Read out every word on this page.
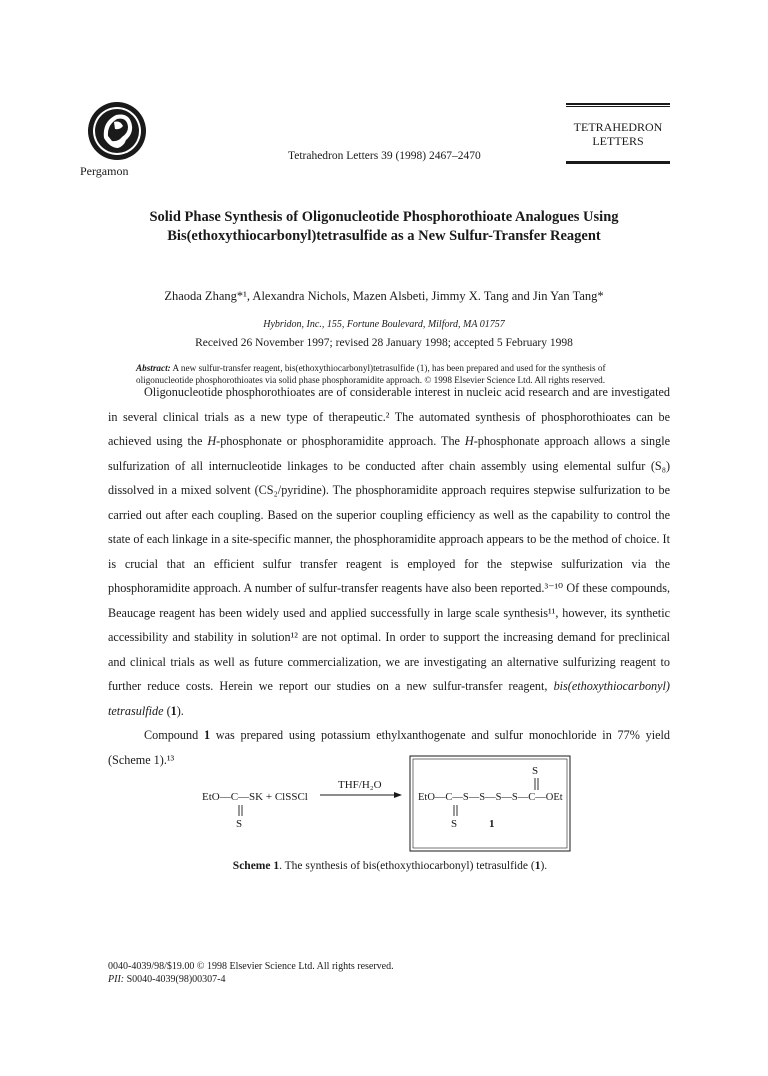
Pergamon
Tetrahedron Letters 39 (1998) 2467–2470
TETRAHEDRON
LETTERS
Solid Phase Synthesis of Oligonucleotide Phosphorothioate Analogues Using
Bis(ethoxythiocarbonyl)tetrasulfide as a New Sulfur-Transfer Reagent
Zhaoda Zhang*¹, Alexandra Nichols, Mazen Alsbeti, Jimmy X. Tang and Jin Yan Tang*
Hybridon, Inc., 155, Fortune Boulevard, Milford, MA 01757
Received 26 November 1997; revised 28 January 1998; accepted 5 February 1998
Abstract: A new sulfur-transfer reagent, bis(ethoxythiocarbonyl)tetrasulfide (1), has been prepared and used for the synthesis of oligonucleotide phosphorothioates via solid phase phosphoramidite approach. © 1998 Elsevier Science Ltd. All rights reserved.

Oligonucleotide phosphorothioates are of considerable interest in nucleic acid research and are investigated in several clinical trials as a new type of therapeutic.² The automated synthesis of phosphorothioates can be achieved using the H-phosphonate or phosphoramidite approach. The H-phosphonate approach allows a single sulfurization of all internucleotide linkages to be conducted after chain assembly using elemental sulfur (S₈) dissolved in a mixed solvent (CS₂/pyridine). The phosphoramidite approach requires stepwise sulfurization to be carried out after each coupling. Based on the superior coupling efficiency as well as the capability to control the state of each linkage in a site-specific manner, the phosphoramidite approach appears to be the method of choice. It is crucial that an efficient sulfur transfer reagent is employed for the stepwise sulfurization via the phosphoramidite approach. A number of sulfur-transfer reagents have also been reported.³⁻¹⁰ Of these compounds, Beaucage reagent has been widely used and applied successfully in large scale synthesis¹¹, however, its synthetic accessibility and stability in solution¹² are not optimal. In order to support the increasing demand for preclinical and clinical trials as well as future commercialization, we are investigating an alternative sulfurizing reagent to further reduce costs. Herein we report our studies on a new sulfur-transfer reagent, bis(ethoxythiocarbonyl) tetrasulfide (1).

Compound 1 was prepared using potassium ethylxanthogenate and sulfur monochloride in 77% yield (Scheme 1).¹³

EtO—C—SK + ClSSCl
S
THF/H₂O
S
EtO—C—S—S—S—S—C—OEt
S	1
Scheme 1. The synthesis of bis(ethoxythiocarbonyl) tetrasulfide (1).
0040-4039/98/$19.00 © 1998 Elsevier Science Ltd. All rights reserved.
PII: S0040-4039(98)00307-4
